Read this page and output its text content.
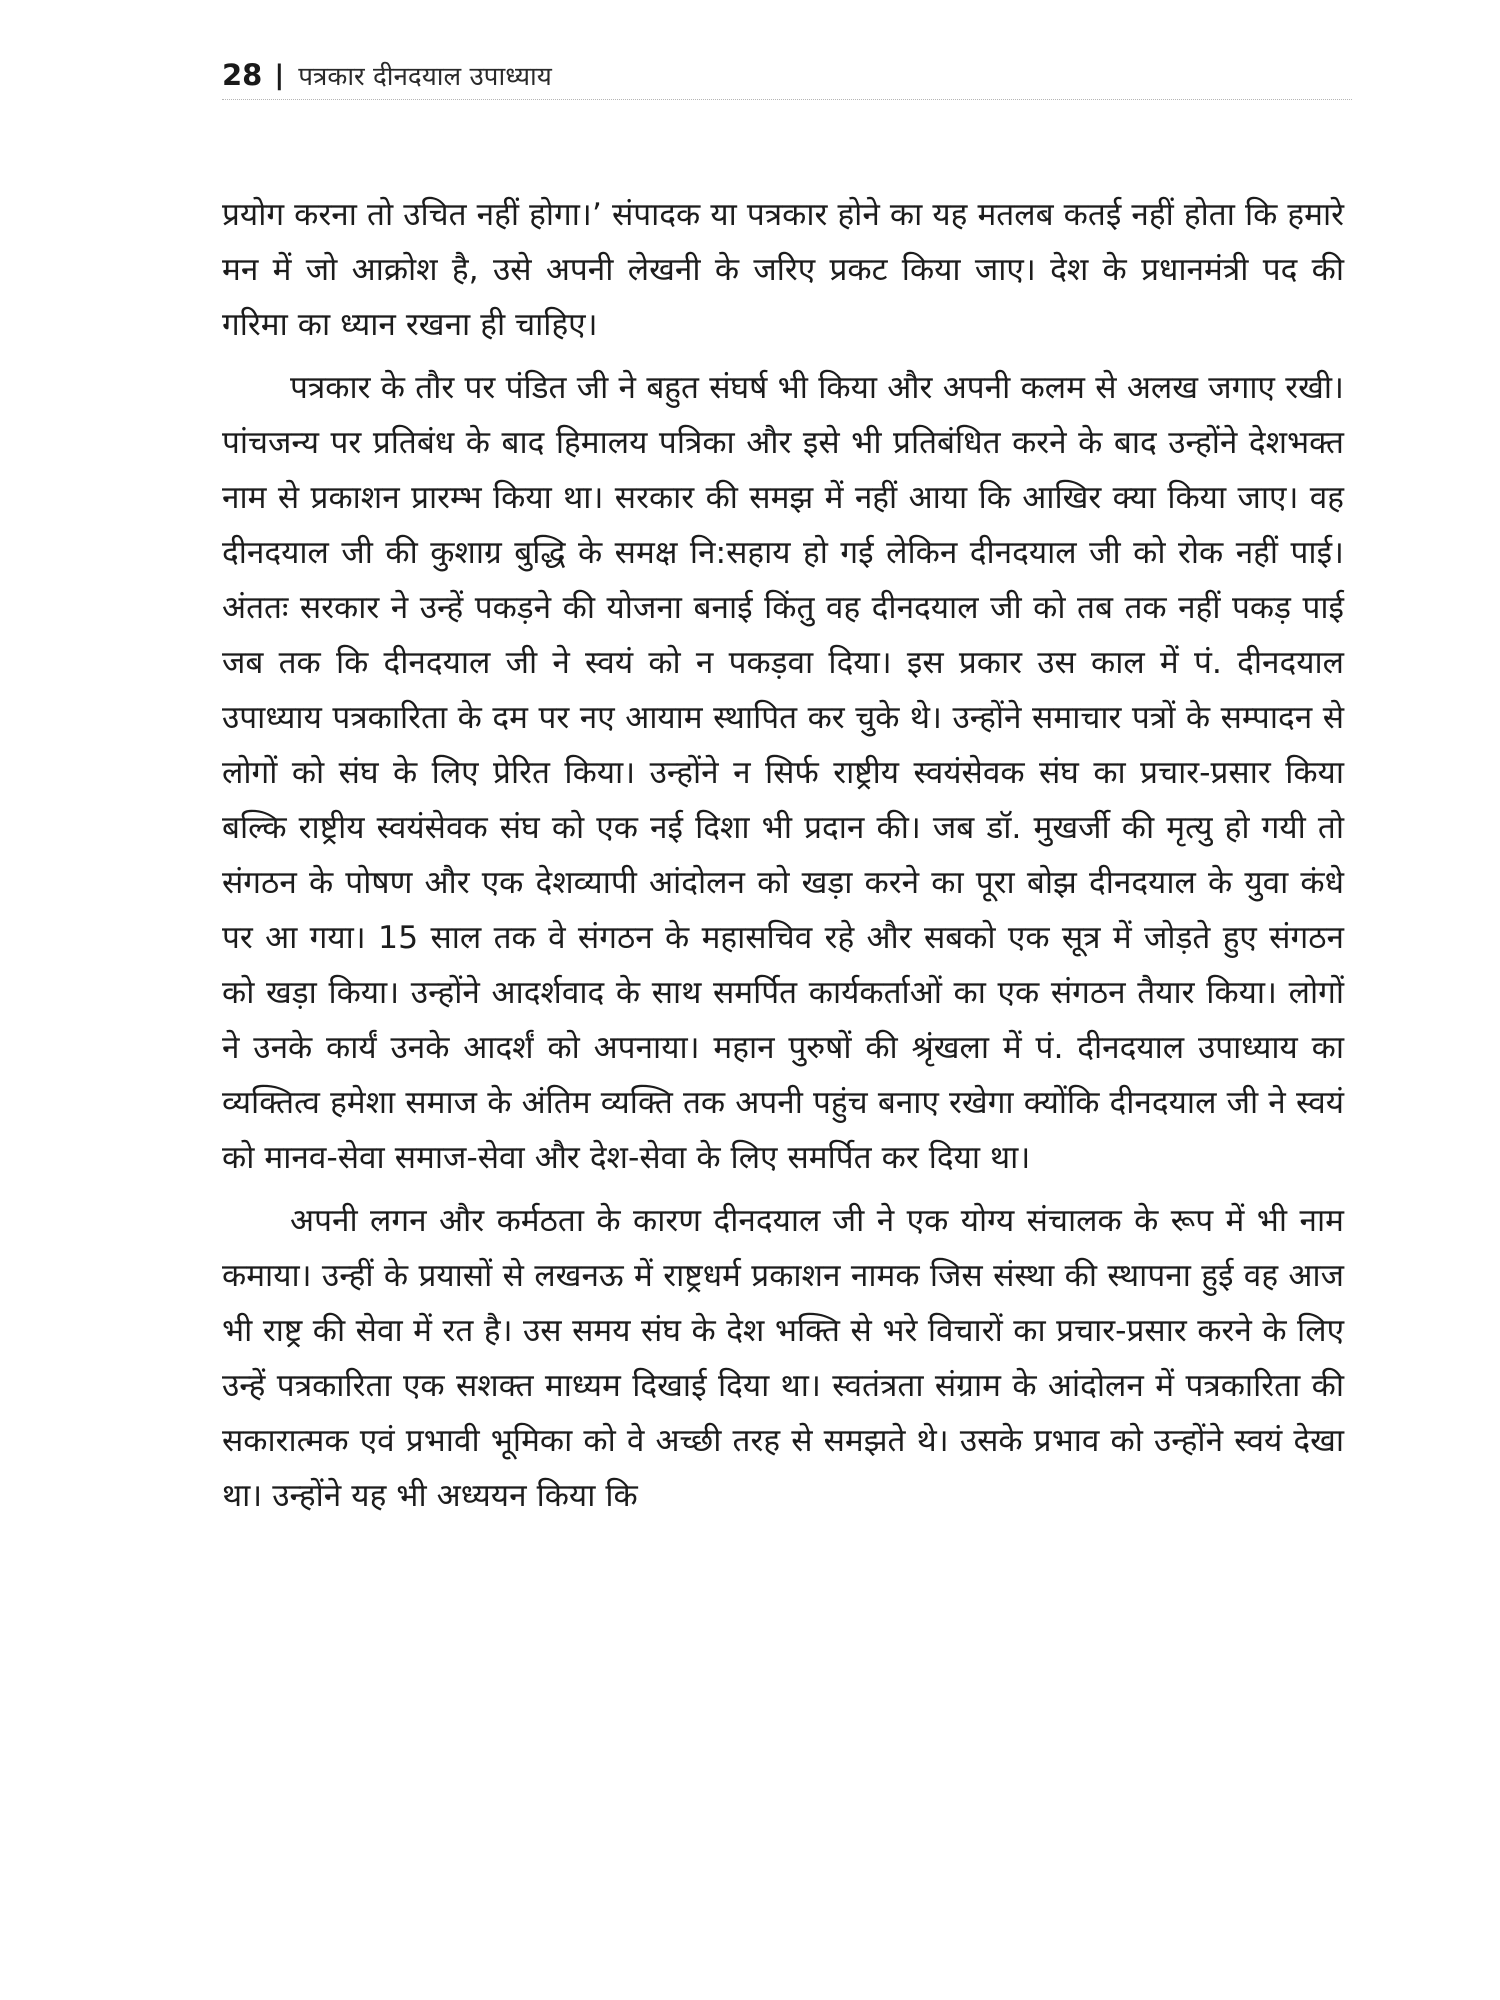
28 | पत्रकार दीनदयाल उपाध्याय

प्रयोग करना तो उचित नहीं होगा।’ संपादक या पत्रकार होने का यह मतलब कतई नहीं होता कि हमारे मन में जो आक्रोश है, उसे अपनी लेखनी के जरिए प्रकट किया जाए। देश के प्रधानमंत्री पद की गरिमा का ध्यान रखना ही चाहिए।

पत्रकार के तौर पर पंडित जी ने बहुत संघर्ष भी किया और अपनी कलम से अलख जगाए रखी। पांचजन्य पर प्रतिबंध के बाद हिमालय पत्रिका और इसे भी प्रतिबंधित करने के बाद उन्होंने देशभक्त नाम से प्रकाशन प्रारम्भ किया था। सरकार की समझ में नहीं आया कि आखिर क्या किया जाए। वह दीनदयाल जी की कुशाग्र बुद्धि के समक्ष नि:सहाय हो गई लेकिन दीनदयाल जी को रोक नहीं पाई। अंततः सरकार ने उन्हें पकड़ने की योजना बनाई किंतु वह दीनदयाल जी को तब तक नहीं पकड़ पाई जब तक कि दीनदयाल जी ने स्वयं को न पकड़वा दिया। इस प्रकार उस काल में पं. दीनदयाल उपाध्याय पत्रकारिता के दम पर नए आयाम स्थापित कर चुके थे। उन्होंने समाचार पत्रों के सम्पादन से लोगों को संघ के लिए प्रेरित किया। उन्होंने न सिर्फ राष्ट्रीय स्वयंसेवक संघ का प्रचार-प्रसार किया बल्कि राष्ट्रीय स्वयंसेवक संघ को एक नई दिशा भी प्रदान की। जब डॉ. मुखर्जी की मृत्यु हो गयी तो संगठन के पोषण और एक देशव्यापी आंदोलन को खड़ा करने का पूरा बोझ दीनदयाल के युवा कंधे पर आ गया। 15 साल तक वे संगठन के महासचिव रहे और सबको एक सूत्र में जोड़ते हुए संगठन को खड़ा किया। उन्होंने आदर्शवाद के साथ समर्पित कार्यकर्ताओं का एक संगठन तैयार किया। लोगों ने उनके कार्यं उनके आदर्शं को अपनाया। महान पुरुषों की श्रृंखला में पं. दीनदयाल उपाध्याय का व्यक्तित्व हमेशा समाज के अंतिम व्यक्ति तक अपनी पहुंच बनाए रखेगा क्योंकि दीनदयाल जी ने स्वयं को मानव-सेवा समाज-सेवा और देश-सेवा के लिए समर्पित कर दिया था।

अपनी लगन और कर्मठता के कारण दीनदयाल जी ने एक योग्य संचालक के रूप में भी नाम कमाया। उन्हीं के प्रयासों से लखनऊ में राष्ट्रधर्म प्रकाशन नामक जिस संस्था की स्थापना हुई वह आज भी राष्ट्र की सेवा में रत है। उस समय संघ के देश भक्ति से भरे विचारों का प्रचार-प्रसार करने के लिए उन्हें पत्रकारिता एक सशक्त माध्यम दिखाई दिया था। स्वतंत्रता संग्राम के आंदोलन में पत्रकारिता की सकारात्मक एवं प्रभावी भूमिका को वे अच्छी तरह से समझते थे। उसके प्रभाव को उन्होंने स्वयं देखा था। उन्होंने यह भी अध्ययन किया कि
